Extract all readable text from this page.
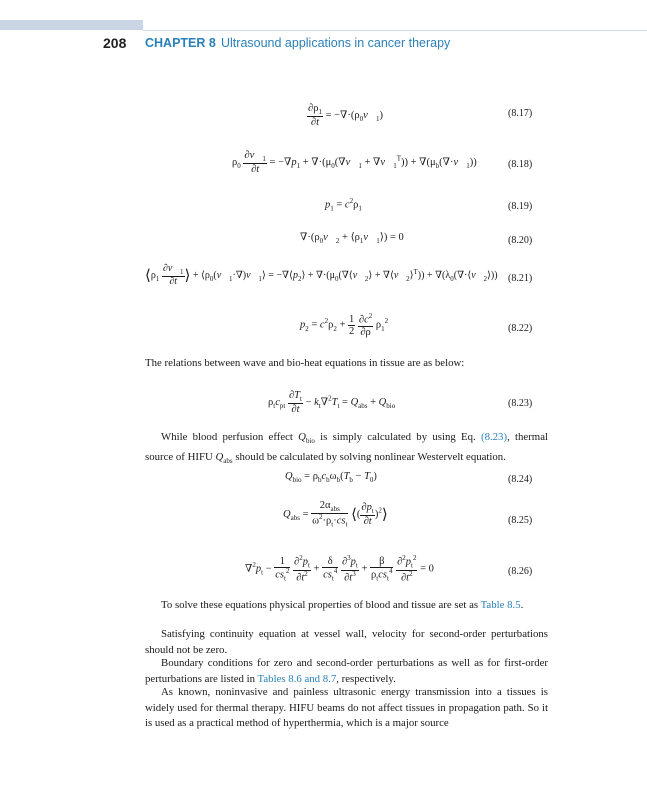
208 CHAPTER 8 Ultrasound applications in cancer therapy
$\frac{\partial\rho_1}{\partial t}$ = $-\nabla\cdot(\rho_0v⃗_1)$	(8.17)
$\rho_0 \frac{\partial v⃗_1}{\partial t} = -\nabla p_1$ + $\nabla\cdot(\mu_0(\nabla v⃗_1$ + $\nabla v⃗_1^T$)) + $\nabla(\mu_b(\nabla\cdot v⃗_1))$	(8.18)
$p_1 = c^2\rho_1$	(8.19)
$\nabla\cdot(\rho_0v⃗_2$ + $⟨\rho_1v⃗_1⟩) = 0$	(8.20)
$⟨\rho_1 \frac{\partial v⃗_1}{\partial t}$ ⟩ + $⟨\rho_0(v⃗_1\cdot\nabla)v⃗_1⟩$ = $-\nabla⟨p_2⟩$ + $\nabla\cdot(\mu_0(\nabla⟨v⃗_2⟩$ + $\nabla⟨v⃗_2⟩^T$)) + $\nabla(\lambda_0(\nabla\cdot⟨v⃗_2⟩))$ (8.21)
$p_2 = c^2\rho_2 + \frac{1}{2}$
$\frac{\partial c^2}{\partial\rho} \rho_1^2$
(8.22)

The relations between wave and bio-heat equations in tissue are as below:

$\rho_tc_{pt} \frac{\partial T_t}{\partial t} - k_t\nabla^2T_t = Q_{abs} + Q_{bio}$	(8.23)

While blood perfusion effect $Q_{bio}$ is simply calculated by using Eq. (8.23), thermal source of HIFU $Q_{abs}$ should be calculated by solving nonlinear Westervelt equation.

$Q_{bio} = \rho_bc_b\omega_b(T_b - T_0)$	(8.24)
$Q_{abs} = \frac{2\alpha_{abs}}{\omega^2\cdot\rho_t\cdot cs_t}$ ⟨( $\frac{\partial p_t}{\partial t}$ )$^2$⟩	(8.25)
$\nabla^2p_t - \frac{1}{cs_t^2}$
$\frac{\partial^2p_t}{\partial t^2} + \frac{\delta}{cs_t^4}$
$\frac{\partial^3p_t}{\partial t^3} + \frac{\beta}{\rho_tcs_t^4}$
$\frac{\partial^2p_t^2}{\partial t^2} = 0$	(8.26)

To solve these equations physical properties of blood and tissue are set as Table 8.5.

Satisfying continuity equation at vessel wall, velocity for second-order perturbations should not be zero.

Boundary conditions for zero and second-order perturbations as well as for first-order perturbations are listed in Tables 8.6 and 8.7, respectively.

As known, noninvasive and painless ultrasonic energy transmission into a tissues is widely used for thermal therapy. HIFU beams do not affect tissues in propagation path. So it is used as a practical method of hyperthermia, which is a major source
